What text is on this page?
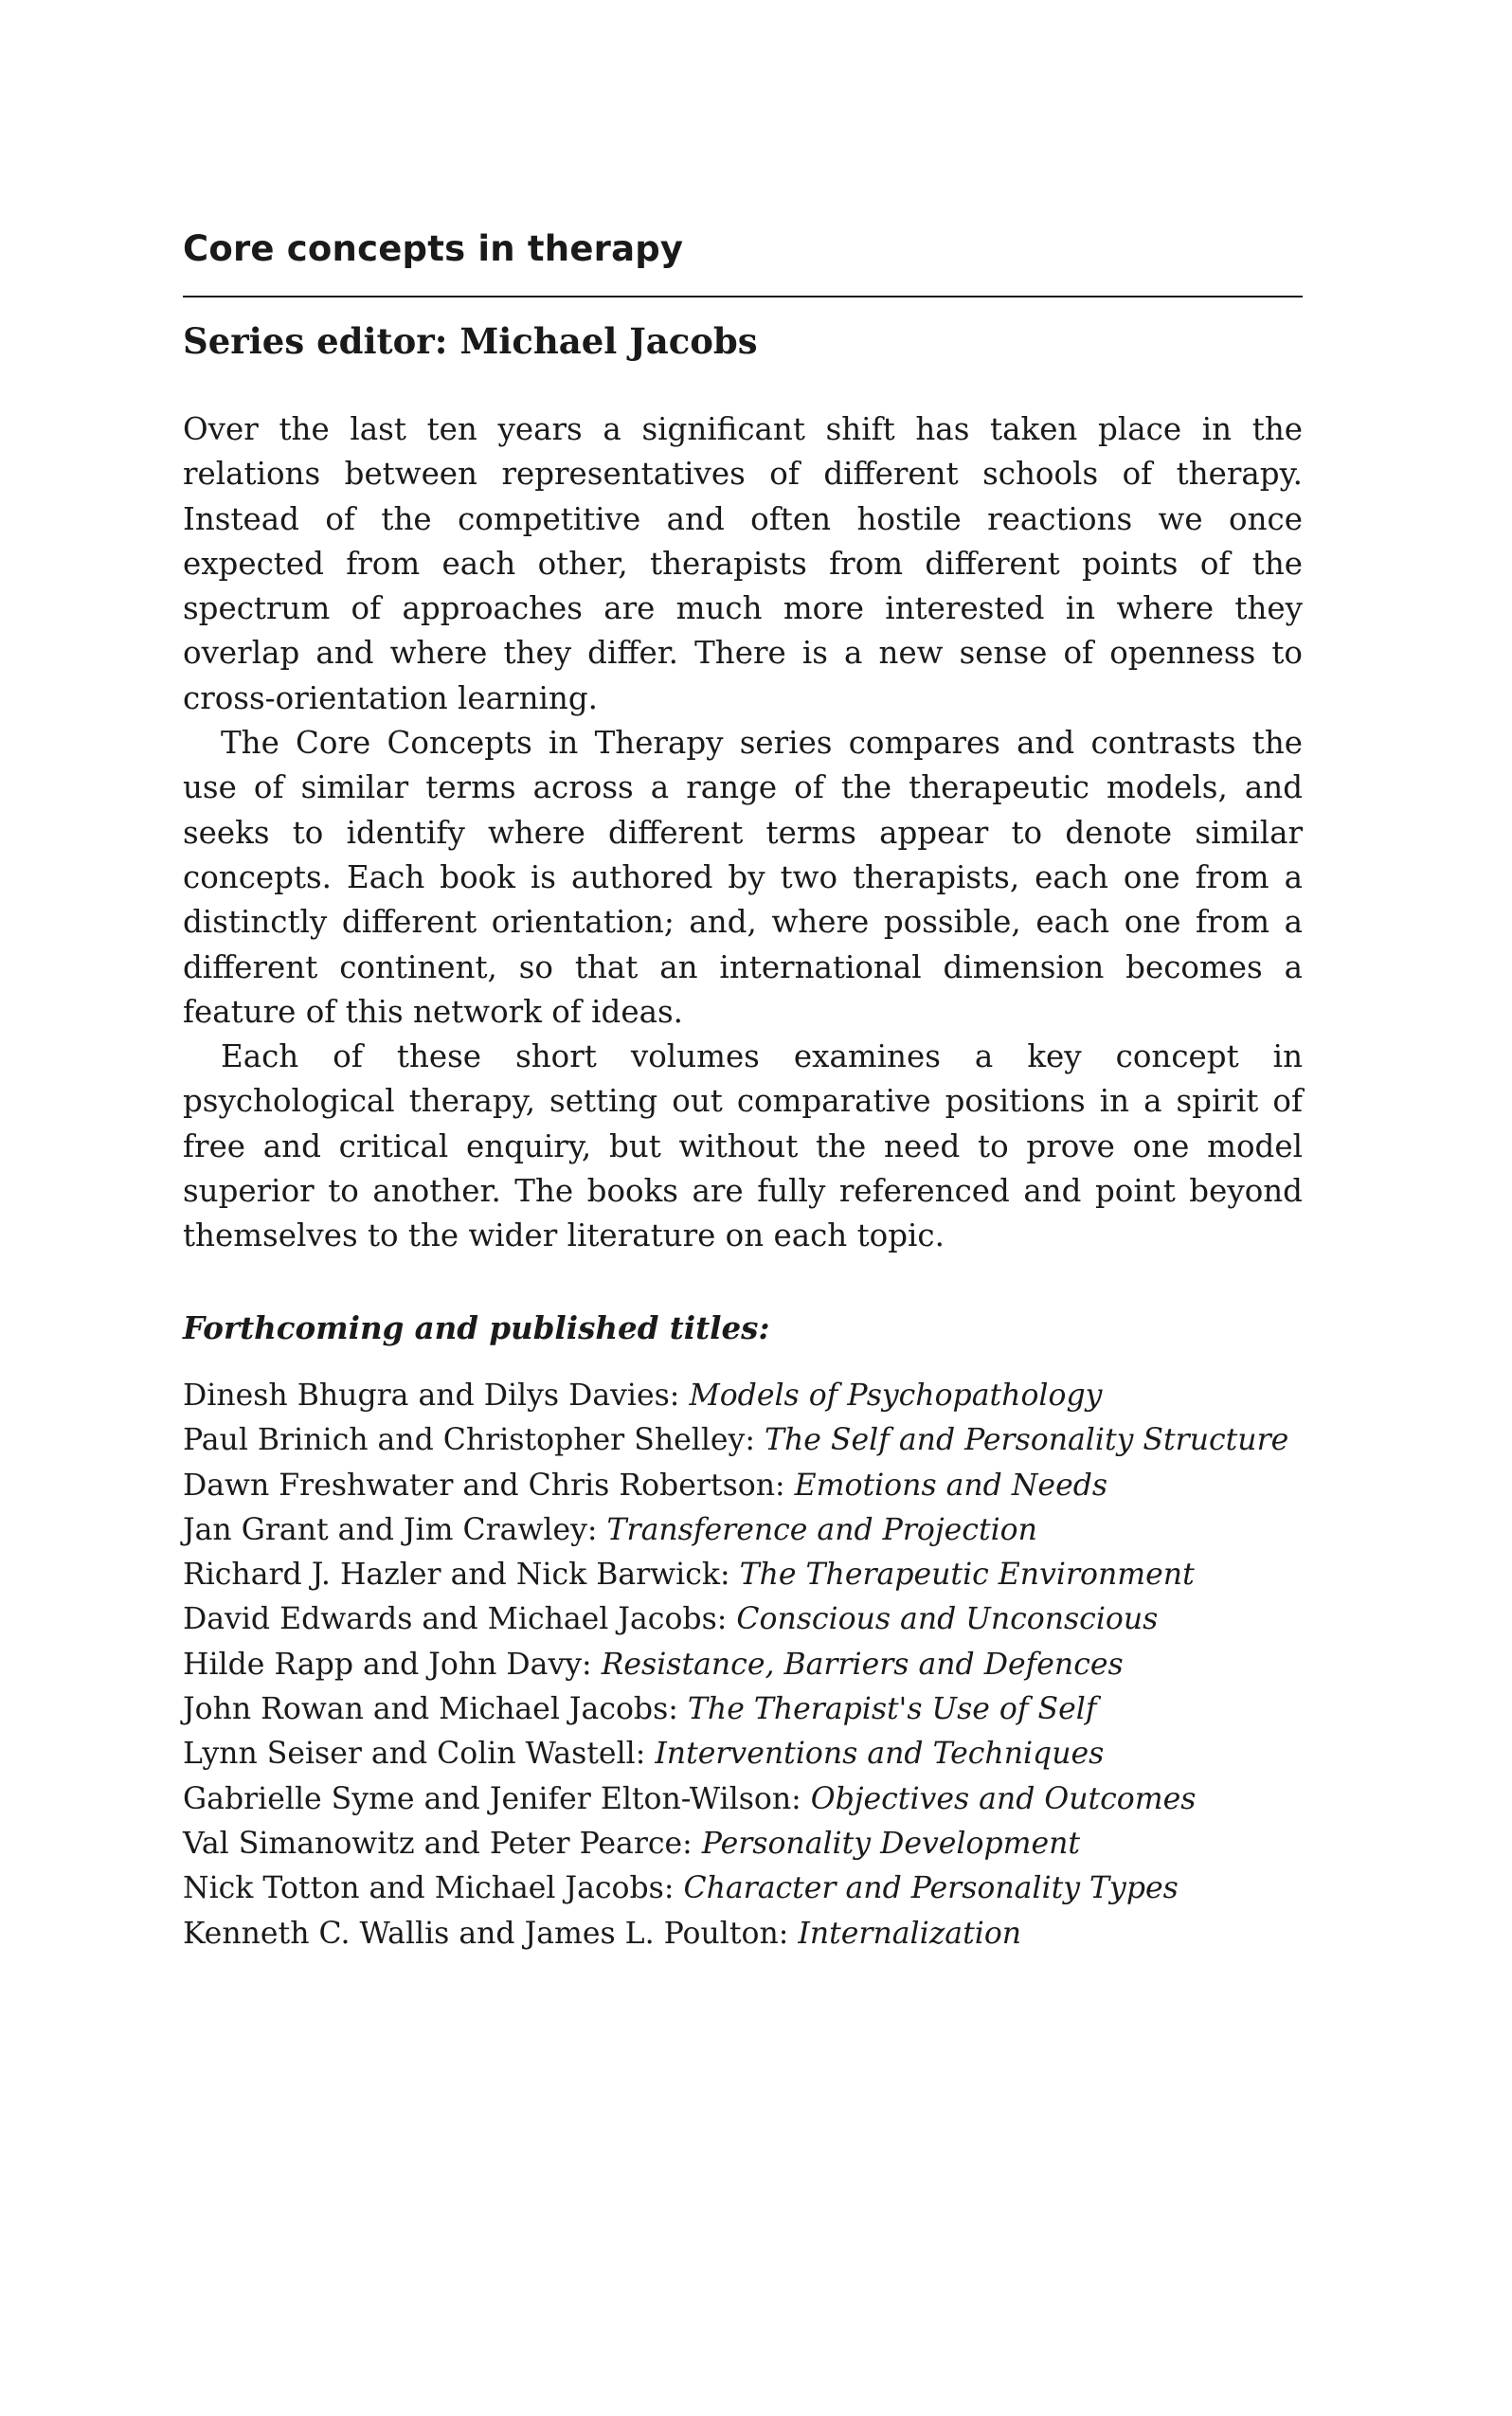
Core concepts in therapy
Series editor: Michael Jacobs

Over the last ten years a significant shift has taken place in the relations between representatives of different schools of therapy. Instead of the competitive and often hostile reactions we once expected from each other, therapists from different points of the spectrum of approaches are much more interested in where they overlap and where they differ. There is a new sense of openness to cross-orientation learning.

The Core Concepts in Therapy series compares and contrasts the use of similar terms across a range of the therapeutic models, and seeks to identify where different terms appear to denote similar concepts. Each book is authored by two therapists, each one from a distinctly different orientation; and, where possible, each one from a different continent, so that an international dimension becomes a feature of this network of ideas.

Each of these short volumes examines a key concept in psychological therapy, setting out comparative positions in a spirit of free and critical enquiry, but without the need to prove one model superior to another. The books are fully referenced and point beyond themselves to the wider literature on each topic.

Forthcoming and published titles:
Dinesh Bhugra and Dilys Davies: Models of Psychopathology
Paul Brinich and Christopher Shelley: The Self and Personality Structure
Dawn Freshwater and Chris Robertson: Emotions and Needs
Jan Grant and Jim Crawley: Transference and Projection
Richard J. Hazler and Nick Barwick: The Therapeutic Environment
David Edwards and Michael Jacobs: Conscious and Unconscious
Hilde Rapp and John Davy: Resistance, Barriers and Defences
John Rowan and Michael Jacobs: The Therapist's Use of Self
Lynn Seiser and Colin Wastell: Interventions and Techniques
Gabrielle Syme and Jenifer Elton-Wilson: Objectives and Outcomes
Val Simanowitz and Peter Pearce: Personality Development
Nick Totton and Michael Jacobs: Character and Personality Types
Kenneth C. Wallis and James L. Poulton: Internalization
